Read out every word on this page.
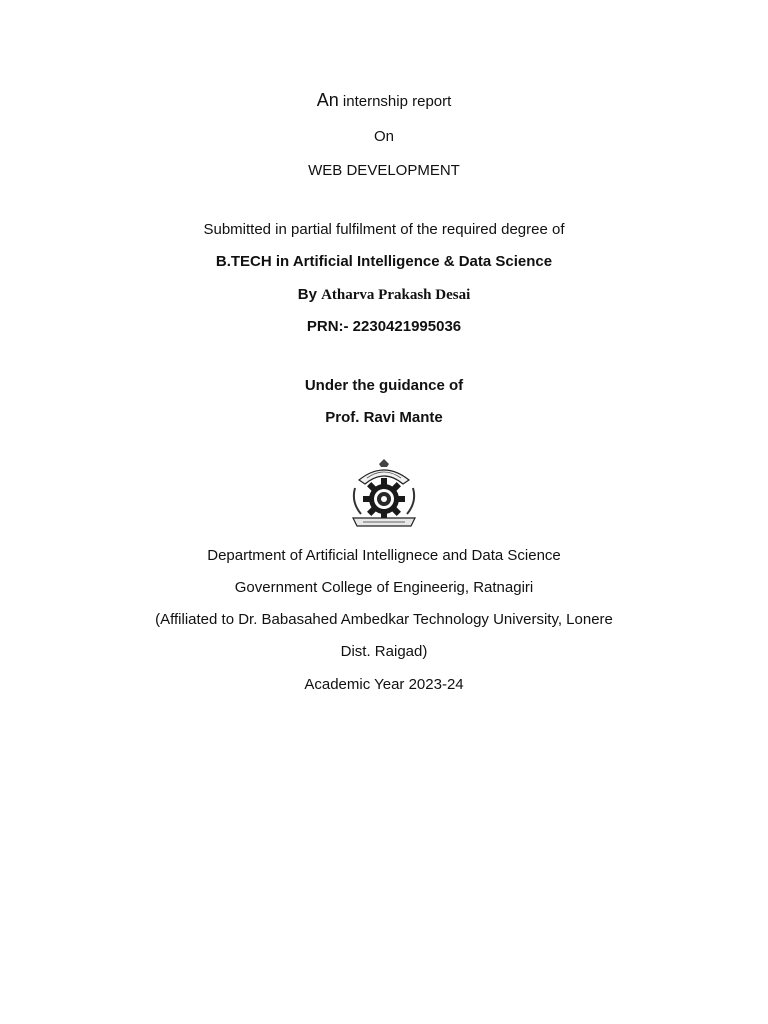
An internship report
On
WEB DEVELOPMENT
Submitted in partial fulfilment of the required degree of
B.TECH in Artificial Intelligence & Data Science
By Atharva Prakash Desai
PRN:- 2230421995036
Under the guidance of
Prof. Ravi Mante
Department of Artificial Intellignece and Data Science
Government College of Engineerig, Ratnagiri
(Affiliated to Dr. Babasahed Ambedkar Technology University, Lonere
Dist. Raigad)
Academic Year 2023-24
